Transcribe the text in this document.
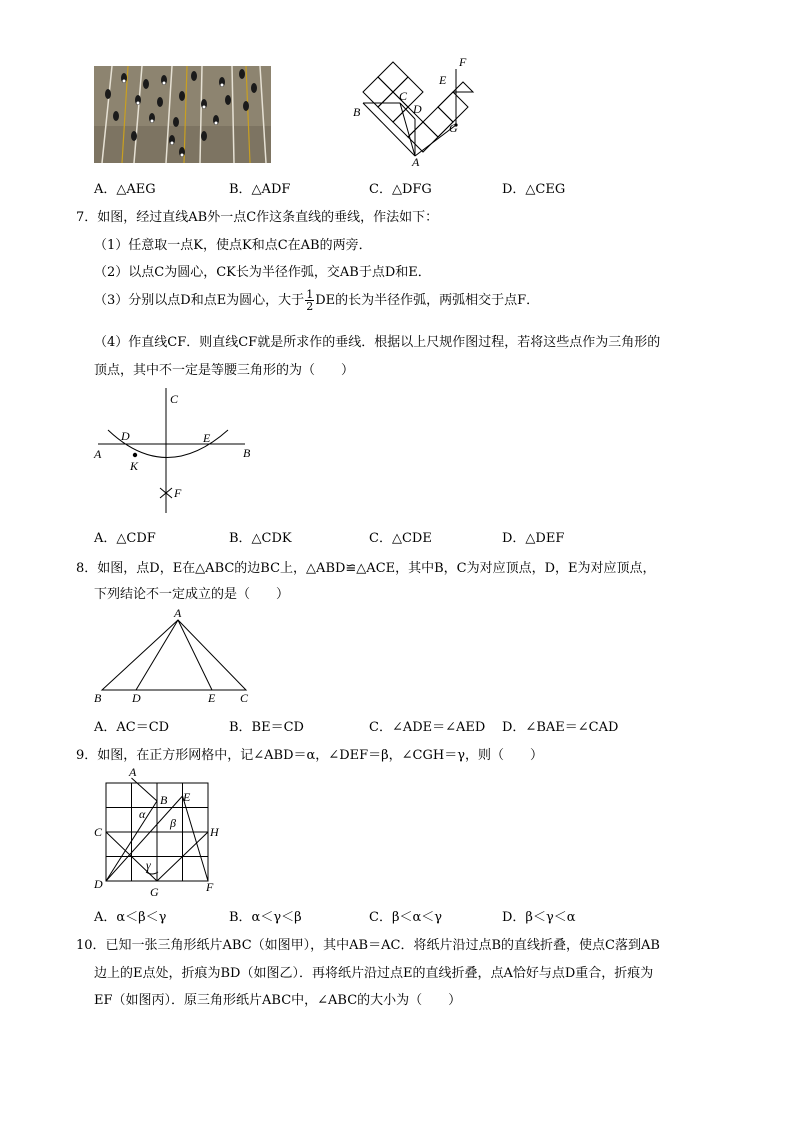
B
C
D
E
F
G
A
A．△AEG	B．△ADF	C．△DFG	D．△CEG
7．如图，经过直线AB外一点C作这条直线的垂线，作法如下：
（1）任意取一点K，使点K和点C在AB的两旁．
（2）以点C为圆心，CK长为半径作弧，交AB于点D和E．
（3）分别以点D和点E为圆心，大于 $\frac{1}{2}$ DE的长为半径作弧，两弧相交于点F．
（4）作直线CF．则直线CF就是所求作的垂线．根据以上尺规作图过程，若将这些点作为三角形的
顶点，其中不一定是等腰三角形的为（　　）
C
D	E
A	B
K
F
A．△CDF	B．△CDK	C．△CDE	D．△DEF
8．如图，点D，E在△ABC的边BC上，△ABD≌△ACE，其中B，C为对应顶点，D，E为对应顶点，
下列结论不一定成立的是（　　）
A
B	D	E C
A．AC＝CD	B．BE＝CD	C．∠ADE＝∠AED D．∠BAE＝∠CAD
9．如图，在正方形网格中，记∠ABD＝α，∠DEF＝β，∠CGH＝γ，则（　　）
A
B E
C	H
D
G	F
α
β
γ
A．α＜β＜γ	B．α＜γ＜β	C．β＜α＜γ	D．β＜γ＜α
10．已知一张三角形纸片ABC（如图甲），其中AB＝AC．将纸片沿过点B的直线折叠，使点C落到AB
边上的E点处，折痕为BD（如图乙）．再将纸片沿过点E的直线折叠，点A恰好与点D重合，折痕为
EF（如图丙）．原三角形纸片ABC中，∠ABC的大小为（　　）
